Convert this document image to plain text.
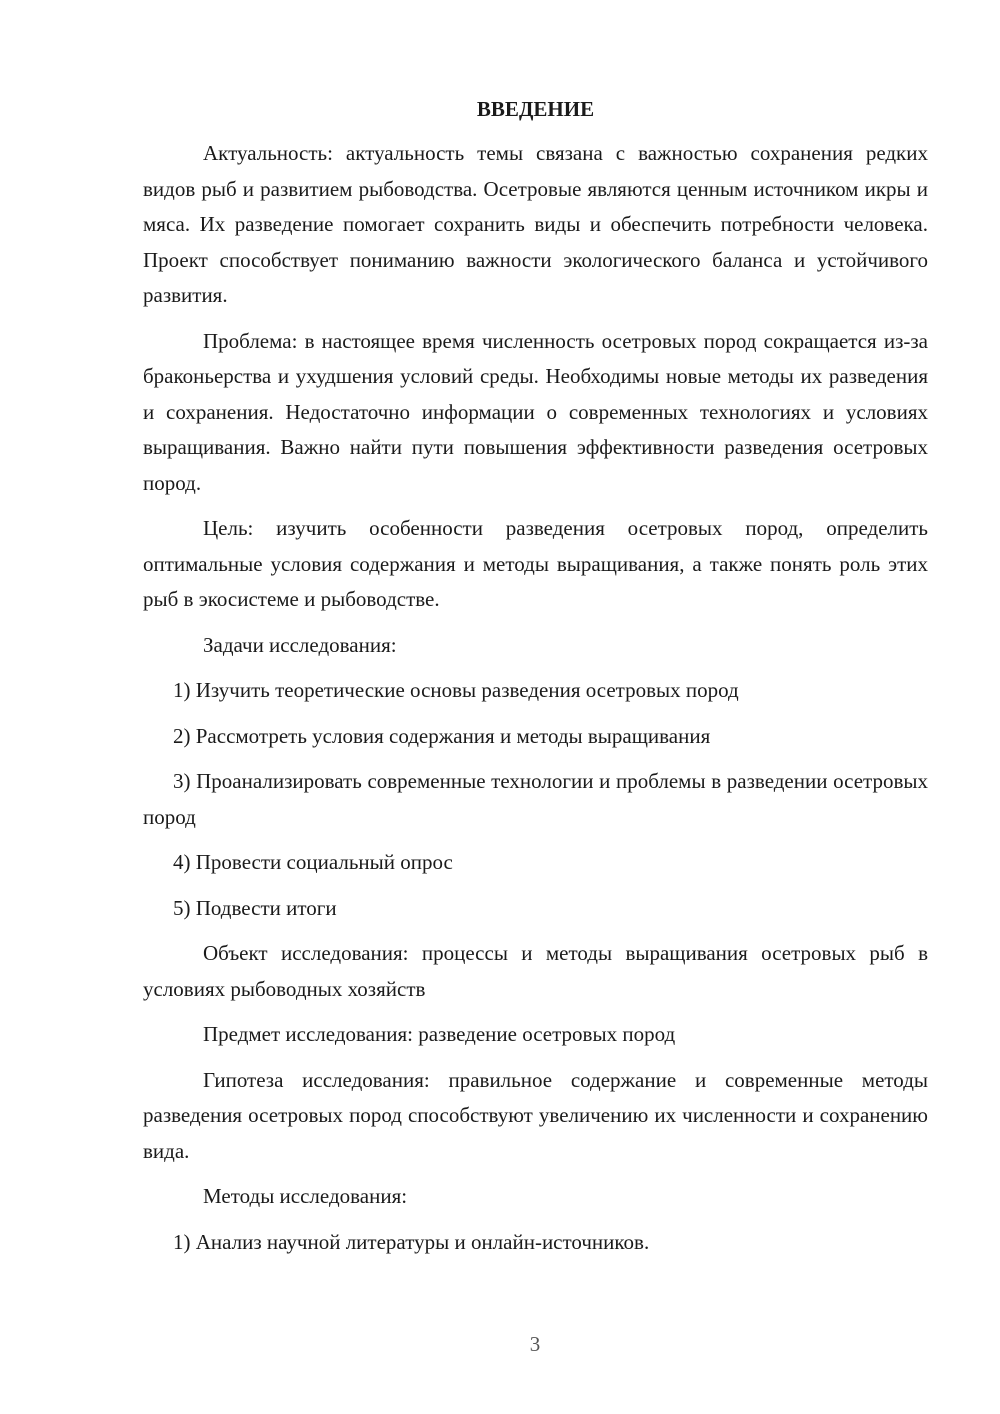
ВВЕДЕНИЕ

Актуальность: актуальность темы связана с важностью сохранения редких видов рыб и развитием рыбоводства. Осетровые являются ценным источником икры и мяса. Их разведение помогает сохранить виды и обеспечить потребности человека. Проект способствует пониманию важности экологического баланса и устойчивого развития.

Проблема: в настоящее время численность осетровых пород сокращается из-за браконьерства и ухудшения условий среды. Необходимы новые методы их разведения и сохранения. Недостаточно информации о современных технологиях и условиях выращивания. Важно найти пути повышения эффективности разведения осетровых пород.

Цель: изучить особенности разведения осетровых пород, определить оптимальные условия содержания и методы выращивания, а также понять роль этих рыб в экосистеме и рыбоводстве.

Задачи исследования:

1) Изучить теоретические основы разведения осетровых пород

2) Рассмотреть условия содержания и методы выращивания

3) Проанализировать современные технологии и проблемы в разведении осетровых пород

4) Провести социальный опрос

5) Подвести итоги

Объект исследования: процессы и методы выращивания осетровых рыб в условиях рыбоводных хозяйств

Предмет исследования: разведение осетровых пород

Гипотеза исследования: правильное содержание и современные методы разведения осетровых пород способствуют увеличению их численности и сохранению вида.

Методы исследования:

1) Анализ научной литературы и онлайн-источников.

3
